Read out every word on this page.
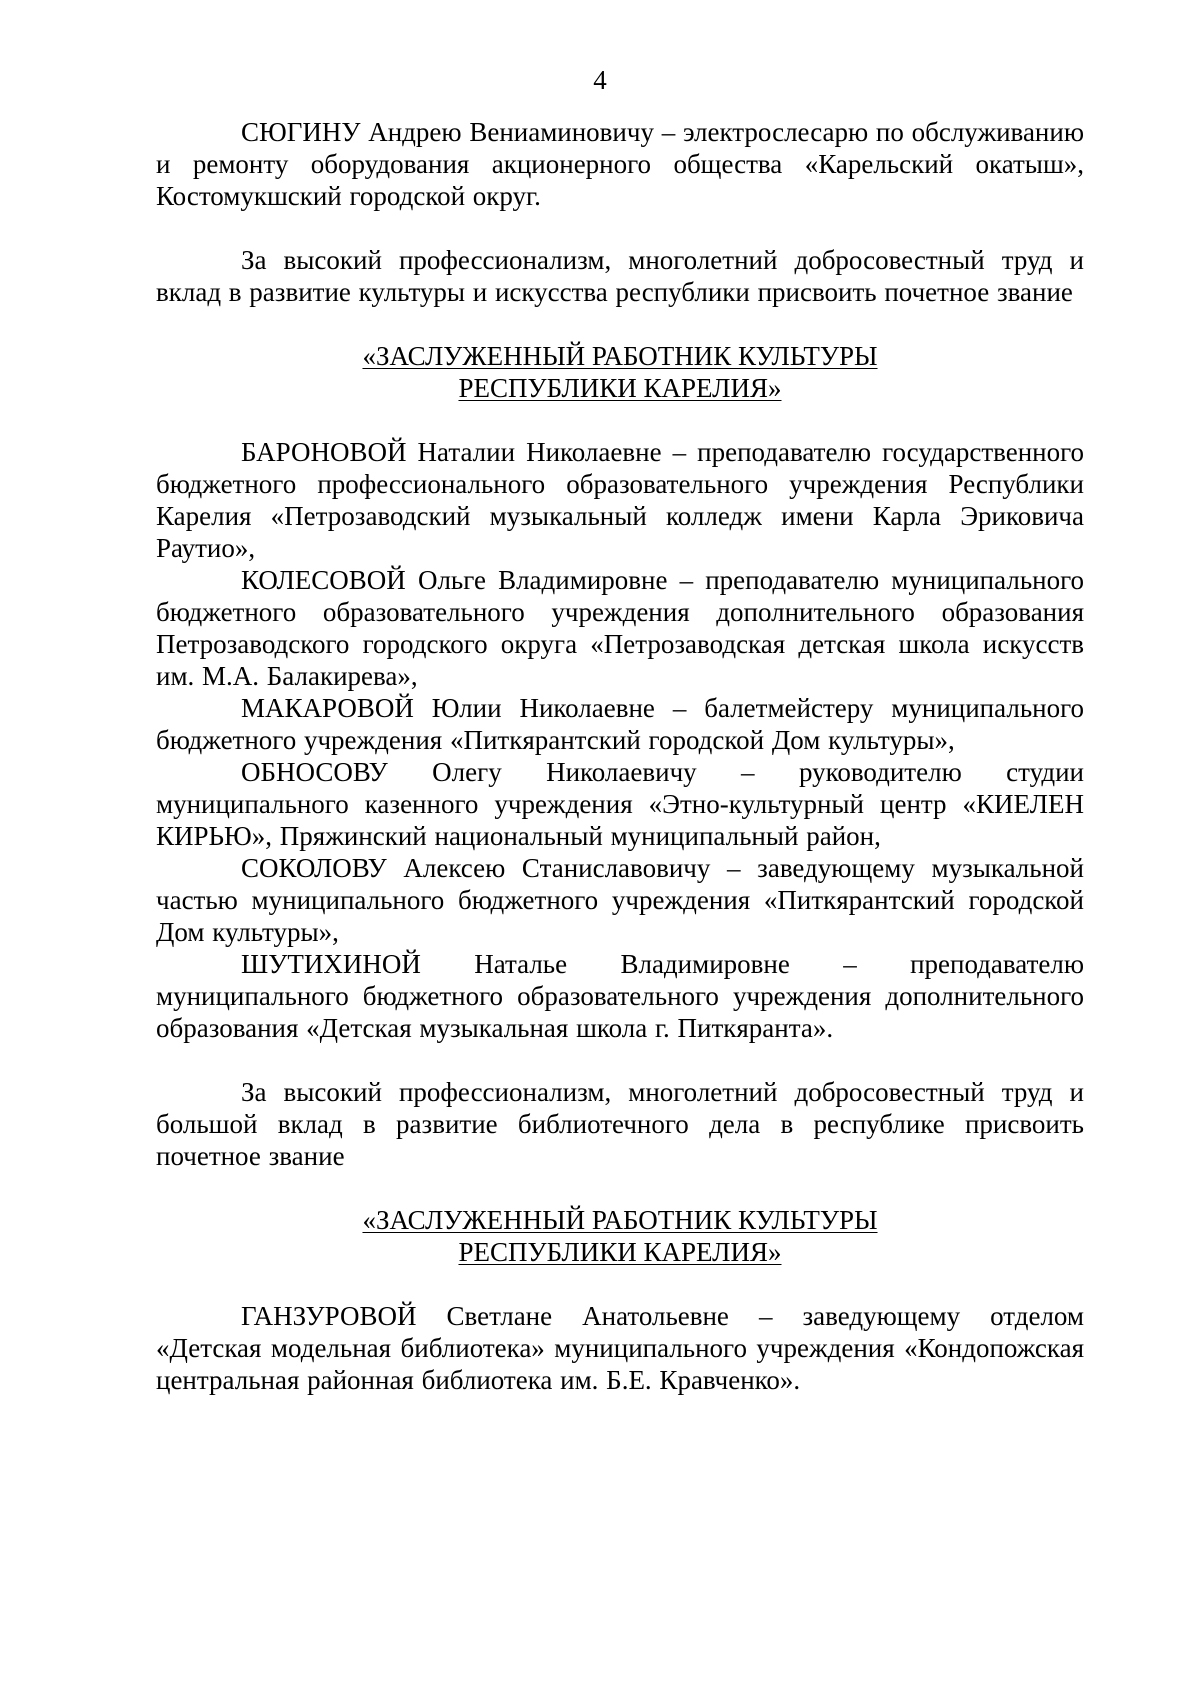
4

СЮГИНУ Андрею Вениаминовичу – электрослесарю по обслуживанию и ремонту оборудования акционерного общества «Карельский окатыш», Костомукшский городской округ.

За высокий профессионализм, многолетний добросовестный труд и вклад в развитие культуры и искусства республики присвоить почетное звание

«ЗАСЛУЖЕННЫЙ РАБОТНИК КУЛЬТУРЫ
РЕСПУБЛИКИ КАРЕЛИЯ»

БАРОНОВОЙ Наталии Николаевне – преподавателю государственного бюджетного профессионального образовательного учреждения Республики Карелия «Петрозаводский музыкальный колледж имени Карла Эриковича Раутио»,

КОЛЕСОВОЙ Ольге Владимировне – преподавателю муниципального бюджетного образовательного учреждения дополнительного образования Петрозаводского городского округа «Петрозаводская детская школа искусств им. М.А. Балакирева»,

МАКАРОВОЙ Юлии Николаевне – балетмейстеру муниципального бюджетного учреждения «Питкярантский городской Дом культуры»,

ОБНОСОВУ Олегу Николаевичу – руководителю студии муниципального казенного учреждения «Этно-культурный центр «КИЕЛЕН КИРЬЮ», Пряжинский национальный муниципальный район,

СОКОЛОВУ Алексею Станиславовичу – заведующему музыкальной частью муниципального бюджетного учреждения «Питкярантский городской Дом культуры»,

ШУТИХИНОЙ Наталье Владимировне – преподавателю муниципального бюджетного образовательного учреждения дополнительного образования «Детская музыкальная школа г. Питкяранта».

За высокий профессионализм, многолетний добросовестный труд и большой вклад в развитие библиотечного дела в республике присвоить почетное звание

«ЗАСЛУЖЕННЫЙ РАБОТНИК КУЛЬТУРЫ
РЕСПУБЛИКИ КАРЕЛИЯ»

ГАНЗУРОВОЙ Светлане Анатольевне – заведующему отделом «Детская модельная библиотека» муниципального учреждения «Кондопожская центральная районная библиотека им. Б.Е. Кравченко».
